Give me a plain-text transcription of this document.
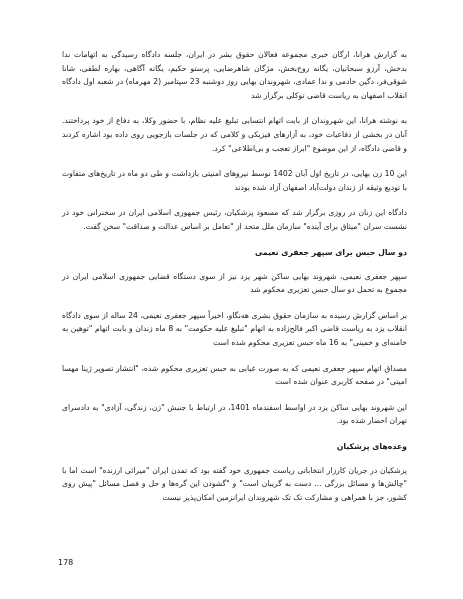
به گزارش هرانا، ارگان خبری مجموعه فعالان حقوق بشر در ایران، جلسه دادگاه رسیدگی به اتهامات ندا بدخش، آرزو سبحانیان، یگانه روح‌بخش، مژگان شاهرضایی، پرستو حکیم، یگانه آگاهی، بهاره لطفی، شانا شوقی‌فر، دگین خادمی و ندا عمادی، شهروندان بهایی روز دوشنبه 23 سپتامبر (2 مهرماه) در شعبه اول دادگاه انقلاب اصفهان به ریاست قاضی توکلی برگزار شد

به نوشته هرانا، این شهروندان از بابت اتهام انتسابی تبلیغ علیه نظام، با حضور وکلا، به دفاع از خود پرداختند. آنان در بخشی از دفاعیات خود، به آزارهای فیزیکی و کلامی که در جلسات بازجویی روی داده بود اشاره کردند و قاضی دادگاه، از این موضوع "ابراز تعجب و بی‌اطلاعی" کرد.

این 10 زن بهایی، در تاریخ اول آبان 1402 توسط نیروهای امنیتی بازداشت و طی دو ماه در تاریخ‌های متفاوت با تودیع وثیقه از زندان دولت‌آباد اصفهان آزاد شده بودند

دادگاه این زنان در روزی برگزار شد که مسعود پزشکیان، رئیس جمهوری اسلامی ایران در سخنرانی خود در نشست سران "میثاق برای آینده" سازمان ملل متحد از "تعامل بر اساس عدالت و صداقت" سخن گفت.

دو سال حبس برای سپهر جعفری نعیمی

سپهر جعفری نعیمی، شهروند بهایی ساکن شهر یزد نیز از سوی دستگاه قضایی جمهوری اسلامی ایران در مجموع به تحمل دو سال حبس تعزیری محکوم شد

بر اساس گزارش رسیده به سازمان حقوق بشری هەنگاو، اخیراً سپهر جعفری نعیمی، 24 ساله از سوی دادگاه انقلاب یزد به ریاست قاضی اکبر فالح‌زاده به اتهام "تبلیغ علیه حکومت" به 8 ماه زندان و بابت اتهام "توهین به خامنه‌ای و خمینی" به 16 ماه حبس تعزیری محکوم شده است

مصداق اتهام سپهر جعفری نعیمی که به صورت غیابی به حبس تعزیری محکوم شده، "انتشار تصویر ژینا مهسا امینی" در صفحه کاربری عنوان شده است

این شهروند بهایی ساکن یزد در اواسط اسفندماه 1401، در ارتباط با جنبش "زن، زندگی، آزادی" به دادسرای تهران احضار شده بود.

وعده‌های پزشکیان

پزشکیان در جریان کارزار انتخاباتی ریاست جمهوری خود گفته بود که تمدن ایران "میراثی ارزنده" است اما با "چالش‌ها و مسائل بزرگی ... دست به گریبان است" و "گشودن این گره‌ها و حل و فصل مسائل "پیش روی کشور، جز با همراهی و مشارکت تک تک شهروندان ایرانزمین امکان‌پذیر نیست

178
